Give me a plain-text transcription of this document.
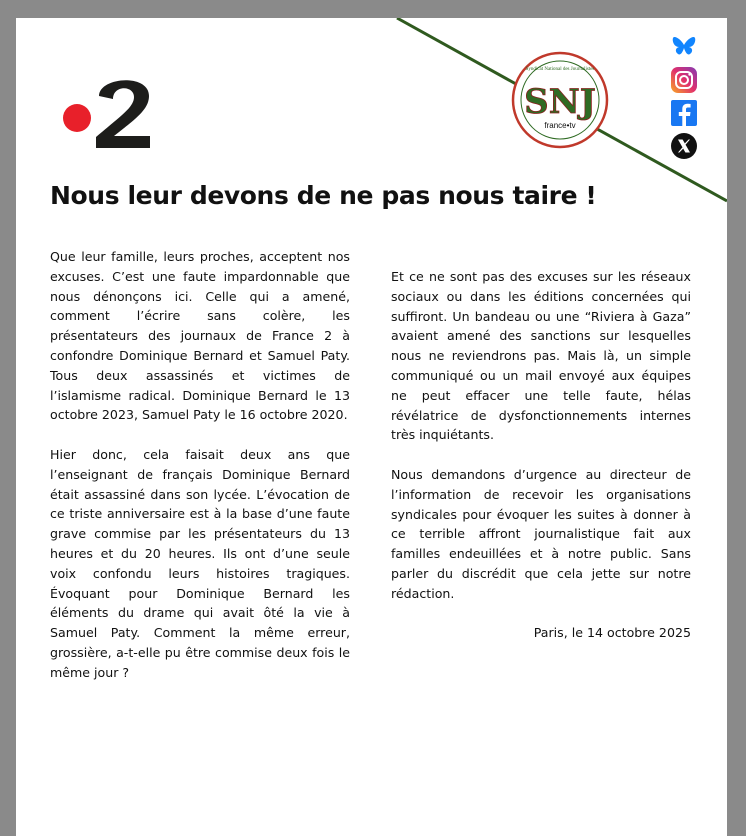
SNJ
france•tv
Syndicat National des Journalistes
Nous leur devons de ne pas nous taire !

Que leur famille, leurs proches, acceptent nos excuses. C’est une faute impardonnable que nous dénonçons ici. Celle qui a amené, comment l’écrire sans colère, les présentateurs des journaux de France 2 à confondre Dominique Bernard et Samuel Paty. Tous deux assassinés et victimes de l’islamisme radical. Dominique Bernard le 13 octobre 2023, Samuel Paty le 16 octobre 2020.

Hier donc, cela faisait deux ans que l’enseignant de français Dominique Bernard était assassiné dans son lycée. L’évocation de ce triste anniversaire est à la base d’une faute grave commise par les présentateurs du 13 heures et du 20 heures. Ils ont d’une seule voix confondu leurs histoires tragiques. Évoquant pour Dominique Bernard les éléments du drame qui avait ôté la vie à Samuel Paty. Comment la même erreur, grossière, a-t-elle pu être commise deux fois le même jour ?

Et ce ne sont pas des excuses sur les réseaux sociaux ou dans les éditions concernées qui suffiront. Un bandeau ou une “Riviera à Gaza” avaient amené des sanctions sur lesquelles nous ne reviendrons pas. Mais là, un simple communiqué ou un mail envoyé aux équipes ne peut effacer une telle faute, hélas révélatrice de dysfonctionnements internes très inquiétants.

Nous demandons d’urgence au directeur de l’information de recevoir les organisations syndicales pour évoquer les suites à donner à ce terrible affront journalistique fait aux familles endeuillées et à notre public. Sans parler du discrédit que cela jette sur notre rédaction.

Paris, le 14 octobre 2025
